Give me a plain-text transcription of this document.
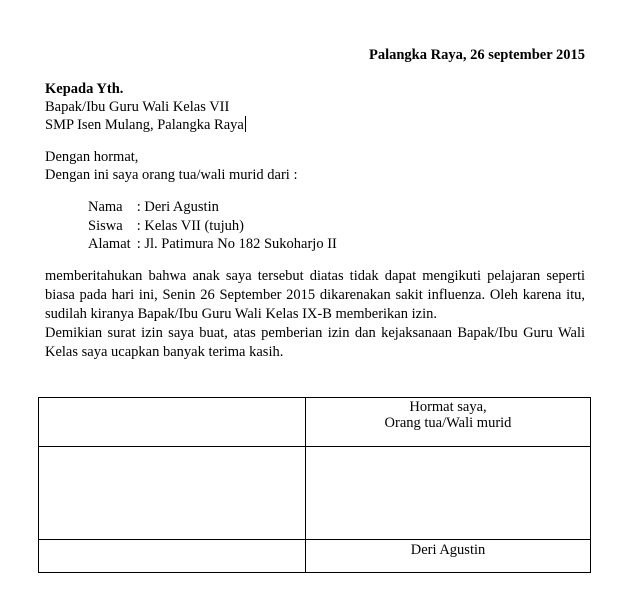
Palangka Raya, 26 september 2015
Kepada Yth.
Bapak/Ibu Guru Wali Kelas VII
SMP Isen Mulang, Palangka Raya
Dengan hormat,
Dengan ini saya orang tua/wali murid dari :
Nama	: Deri Agustin
Siswa	: Kelas VII (tujuh)
Alamat	: Jl. Patimura No 182 Sukoharjo II

memberitahukan bahwa anak saya tersebut diatas tidak dapat mengikuti pelajaran seperti biasa pada hari ini, Senin 26 September 2015 dikarenakan sakit influenza. Oleh karena itu, sudilah kiranya Bapak/Ibu Guru Wali Kelas IX-B memberikan izin.

Demikian surat izin saya buat, atas pemberian izin dan kejaksanaan Bapak/Ibu Guru Wali Kelas saya ucapkan banyak terima kasih.

	Hormat saya,
Orang tua/Wali murid

	Deri Agustin
